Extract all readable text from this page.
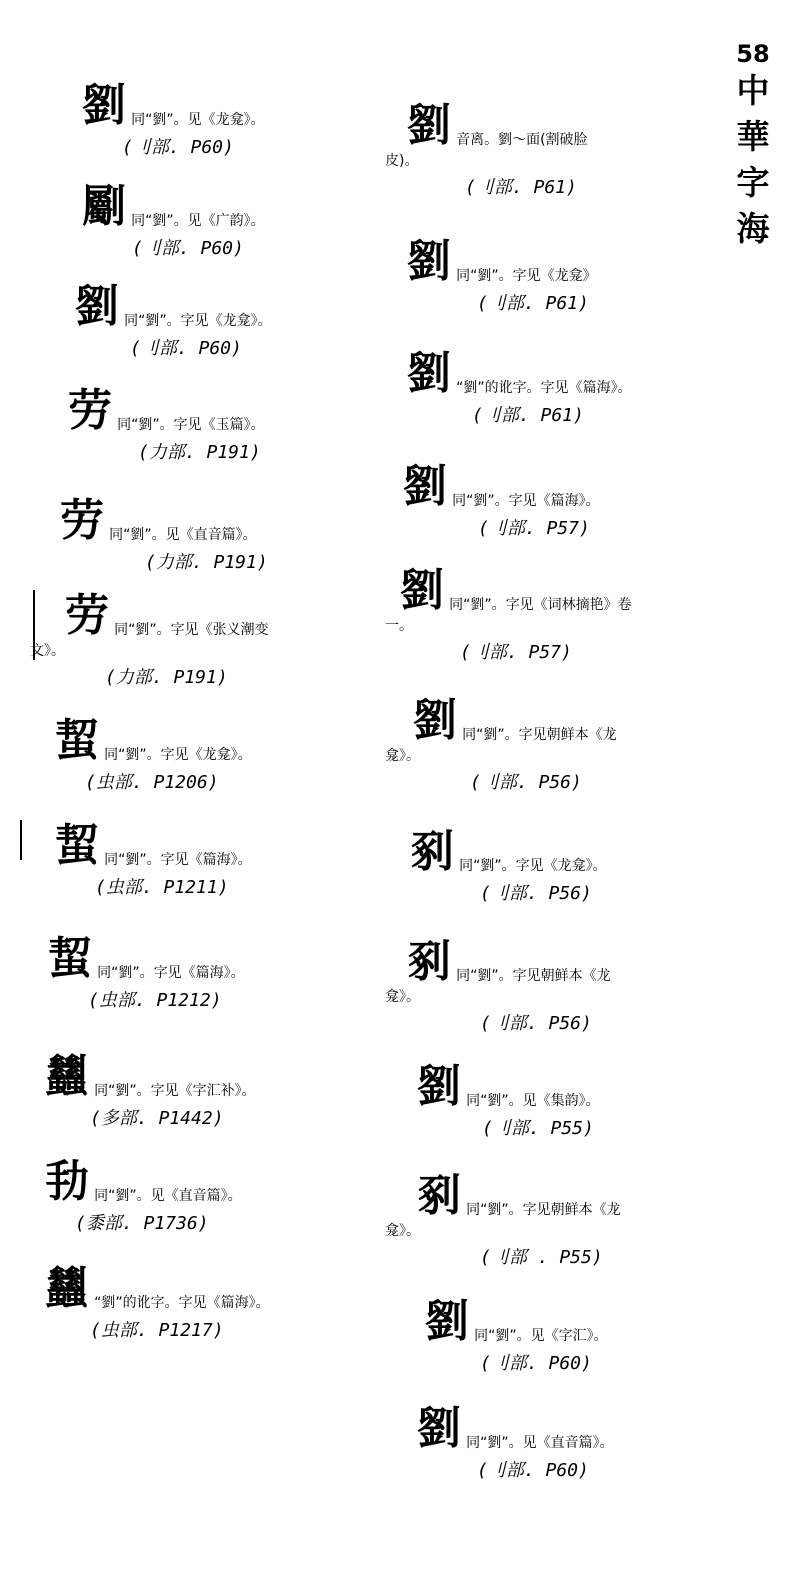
58
中
華
字
海
劉 同“劉”。见《龙龛》。
(刂部. P60)
劚 同“劉”。见《广韵》。
(刂部. P60)
劉 同“劉”。字见《龙龛》。
(刂部. P60)
劳 同“劉”。字见《玉篇》。
(力部. P191)
劳 同“劉”。见《直音篇》。
(力部. P191)
劳 同“劉”。字见《张义潮变
文》。
(力部. P191)
蛪 同“劉”。字见《龙龛》。
(虫部. P1206)
蛪 同“劉”。字见《篇海》。
(虫部. P1211)
蛪 同“劉”。字见《篇海》。
(虫部. P1212)
蠿 同“劉”。字见《字汇补》。
(多部. P1442)
劧 同“劉”。见《直音篇》。
(黍部. P1736)
蠿 “劉”的讹字。字见《篇海》。
(虫部. P1217)
劉 音离。劉～面(割破脸
皮)。
(刂部. P61)
劉 同“劉”。字见《龙龛》
(刂部. P61)
劉 “劉”的讹字。字见《篇海》。
(刂部. P61)
劉 同“劉”。字见《篇海》。
(刂部. P57)
劉 同“劉”。字见《词林摘艳》卷
一。
(刂部. P57)
劉 同“劉”。字见朝鲜本《龙
龛》。
(刂部. P56)
剢 同“劉”。字见《龙龛》。
(刂部. P56)
剢 同“劉”。字见朝鲜本《龙
龛》。
(刂部. P56)
劉 同“劉”。见《集韵》。
(刂部. P55)
剢 同“劉”。字见朝鲜本《龙
龛》。
(刂部 . P55)
劉 同“劉”。见《字汇》。
(刂部. P60)
劉 同“劉”。见《直音篇》。
(刂部. P60)
